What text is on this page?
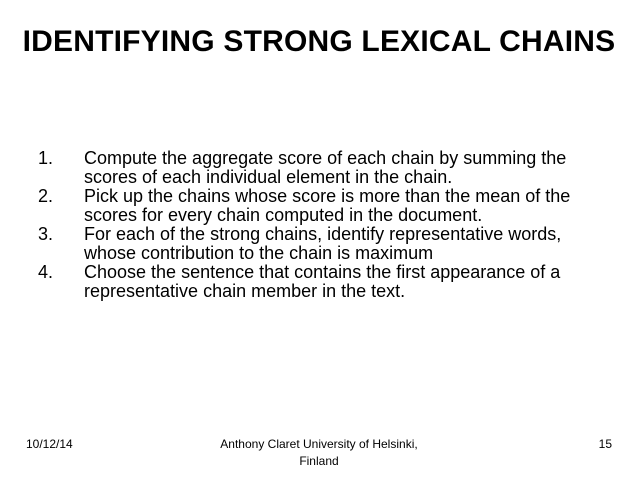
IDENTIFYING STRONG LEXICAL CHAINS
1. Compute the aggregate score of each chain by summing the scores of each individual element in the chain.
2. Pick up the chains whose score is more than the mean of the scores for every chain computed in the document.
3. For each of the strong chains, identify representative words, whose contribution to the chain is maximum
4. Choose the sentence that contains the first appearance of a representative chain member in the text.
10/12/14	Anthony Claret University of Helsinki, Finland
15
